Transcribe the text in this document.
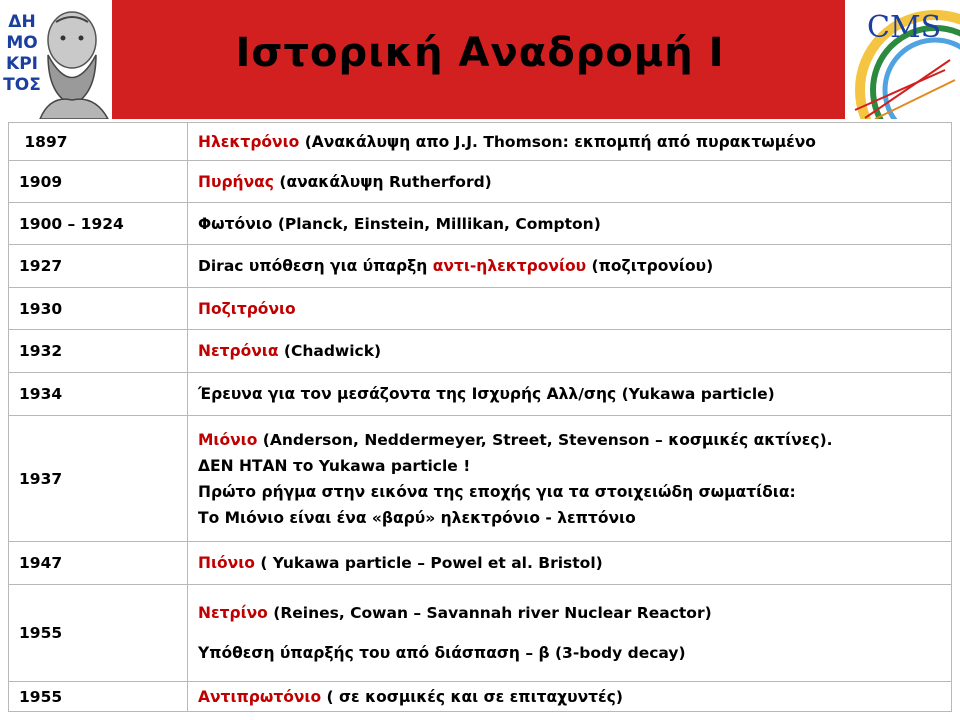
ΔΗΜΟΚΡΙΤΟΣ
CMS
Ιστορική Αναδρομή Ι
1897	Ηλεκτρόνιο (Ανακάλυψη απο J.J. Thomson: εκπομπή από πυρακτωμένο

1909	Πυρήνας (ανακάλυψη Rutherford)

1900 – 1924	Φωτόνιο (Planck, Einstein, Millikan, Compton)

1927	Dirac υπόθεση για ύπαρξη αντι-ηλεκτρονίου (ποζιτρονίου)

1930	Ποζιτρόνιο

1932	Νετρόνια (Chadwick)

1934	Έρευνα για τον μεσάζοντα της Ισχυρής Αλλ/σης (Yukawa particle)

1937	Μιόνιο (Anderson, Neddermeyer, Street, Stevenson – κοσμικές ακτίνες).
ΔΕΝ ΗΤΑΝ το Yukawa particle !
Πρώτο ρήγμα στην εικόνα της εποχής για τα στοιχειώδη σωματίδια:
Το Μιόνιο είναι ένα «βαρύ» ηλεκτρόνιο - λεπτόνιο

1947	Πιόνιο ( Yukawa particle – Powel et al. Bristol)

1955	Νετρίνο (Reines, Cowan – Savannah river Nuclear Reactor)
Υπόθεση ύπαρξής του από διάσπαση – β (3-body decay)

1955	Αντιπρωτόνιο ( σε κοσμικές και σε επιταχυντές)
